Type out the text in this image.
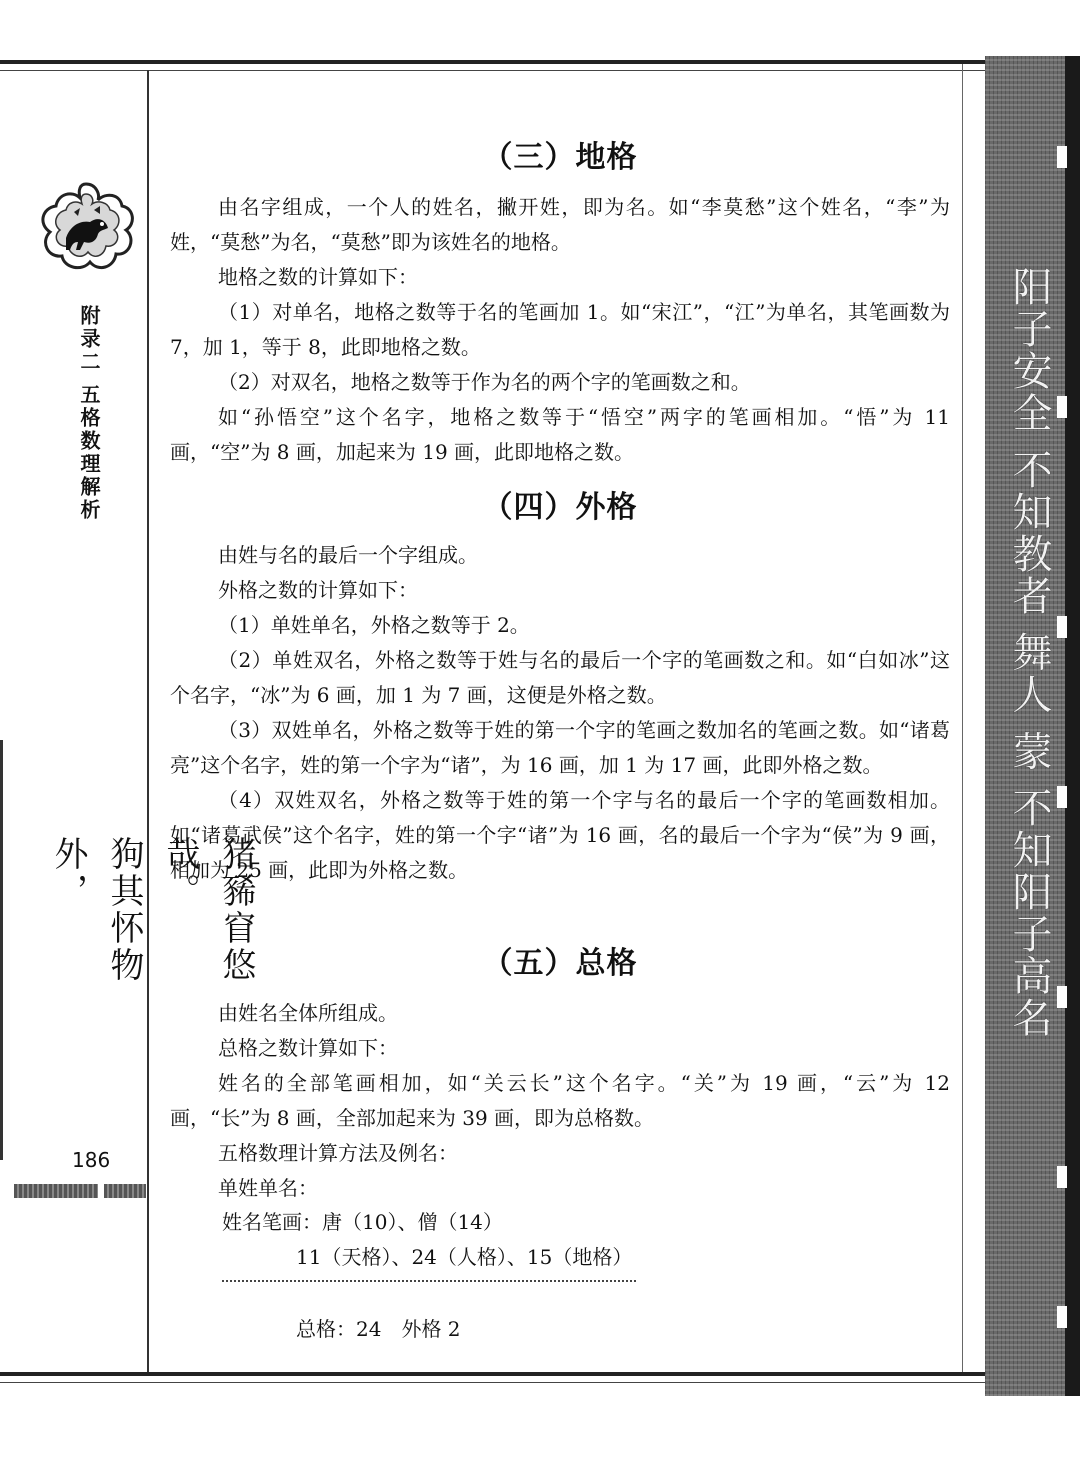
附录二 五格数理解析
猪豨窅悠哉。
狗其怀物外，
186
阳子安全 不知教者 舞人 蒙 不知阳子高名
（三）地格

由名字组成，一个人的姓名，撇开姓，即为名。如“李莫愁”这个姓名，“李”为姓，“莫愁”为名，“莫愁”即为该姓名的地格。

地格之数的计算如下：

（1）对单名，地格之数等于名的笔画加 1。如“宋江”，“江”为单名，其笔画数为 7，加 1，等于 8，此即地格之数。

（2）对双名，地格之数等于作为名的两个字的笔画数之和。

如“孙悟空”这个名字，地格之数等于“悟空”两字的笔画相加。“悟”为 11 画，“空”为 8 画，加起来为 19 画，此即地格之数。

（四）外格

由姓与名的最后一个字组成。

外格之数的计算如下：

（1）单姓单名，外格之数等于 2。

（2）单姓双名，外格之数等于姓与名的最后一个字的笔画数之和。如“白如冰”这个名字，“冰”为 6 画，加 1 为 7 画，这便是外格之数。

（3）双姓单名，外格之数等于姓的第一个字的笔画之数加名的笔画之数。如“诸葛亮”这个名字，姓的第一个字为“诸”，为 16 画，加 1 为 17 画，此即外格之数。

（4）双姓双名，外格之数等于姓的第一个字与名的最后一个字的笔画数相加。如“诸葛武侯”这个名字，姓的第一个字“诸”为 16 画，名的最后一个字为“侯”为 9 画，相加为 25 画，此即为外格之数。

（五）总格

由姓名全体所组成。

总格之数计算如下：

姓名的全部笔画相加，如“关云长”这个名字。“关”为 19 画，“云”为 12 画，“长”为 8 画，全部加起来为 39 画，即为总格数。

五格数理计算方法及例名：

单姓单名：

姓名笔画：唐（10）、僧（14）
11（天格）、24（人格）、15（地格）
总格：24　外格 2
